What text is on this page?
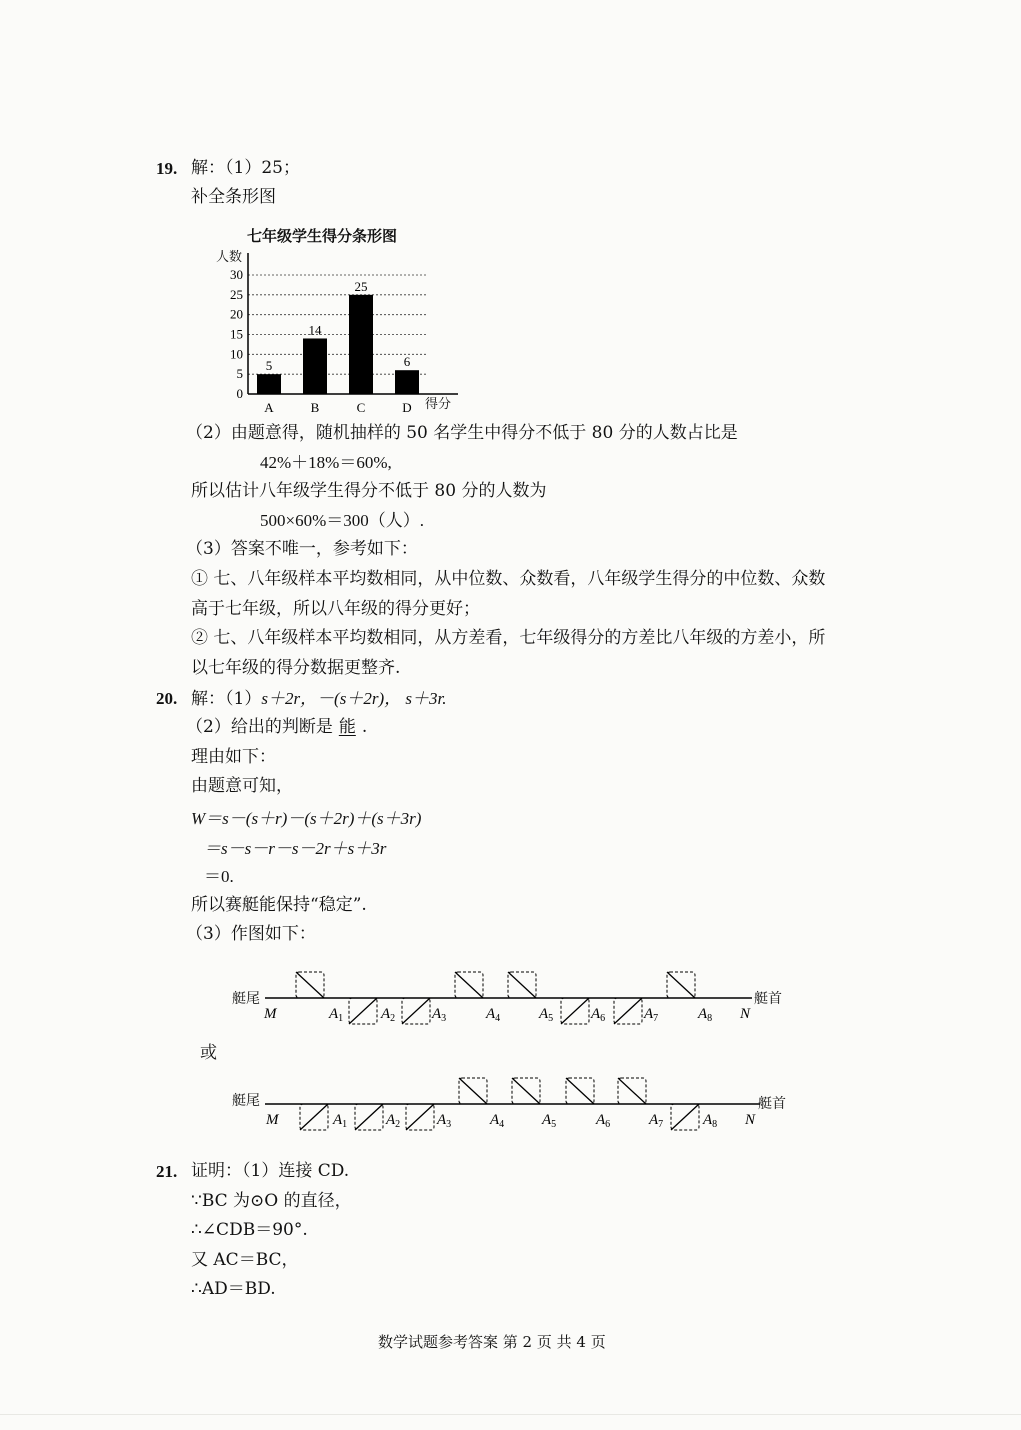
19. 解：（1）25；
补全条形图
七年级学生得分条形图
0
5
10
15
20
25
30
5
14
25
6
A	B	C	D
人数
得分
（2）由题意得，随机抽样的 50 名学生中得分不低于 80 分的人数占比是
42%＋18%＝60%,
所以估计八年级学生得分不低于 80 分的人数为
500×60%＝300（人）.
（3）答案不唯一，参考如下：
① 七、八年级样本平均数相同，从中位数、众数看，八年级学生得分的中位数、众数
高于七年级，所以八年级的得分更好；
② 七、八年级样本平均数相同，从方差看，七年级得分的方差比八年级的方差小，所
以七年级的得分数据更整齐.
20. 解：（1）s＋2r，－(s＋2r)， s＋3r.
（2）给出的判断是 能 .
理由如下：
由题意可知，
W＝s－(s＋r)－(s＋2r)＋(s＋3r)
＝s－s－r－s－2r＋s＋3r
＝0.
所以赛艇能保持“稳定”.
（3）作图如下：
艇尾	艇首
M	$A_1$	$A_2$ $A_3$	$A_4$	$A_5$	$A_6$	$A_7$	$A_8$ N
或
艇尾	艇首
M	$A_1$	$A_2$ $A_3$	$A_4$	$A_5$	$A_6$	$A_7$	$A_8$ N
21. 证明：（1）连接 CD.
∵BC 为⊙O 的直径，
∴∠CDB＝90°.
又 AC＝BC，
∴AD＝BD.
数学试题参考答案 第 2 页 共 4 页
